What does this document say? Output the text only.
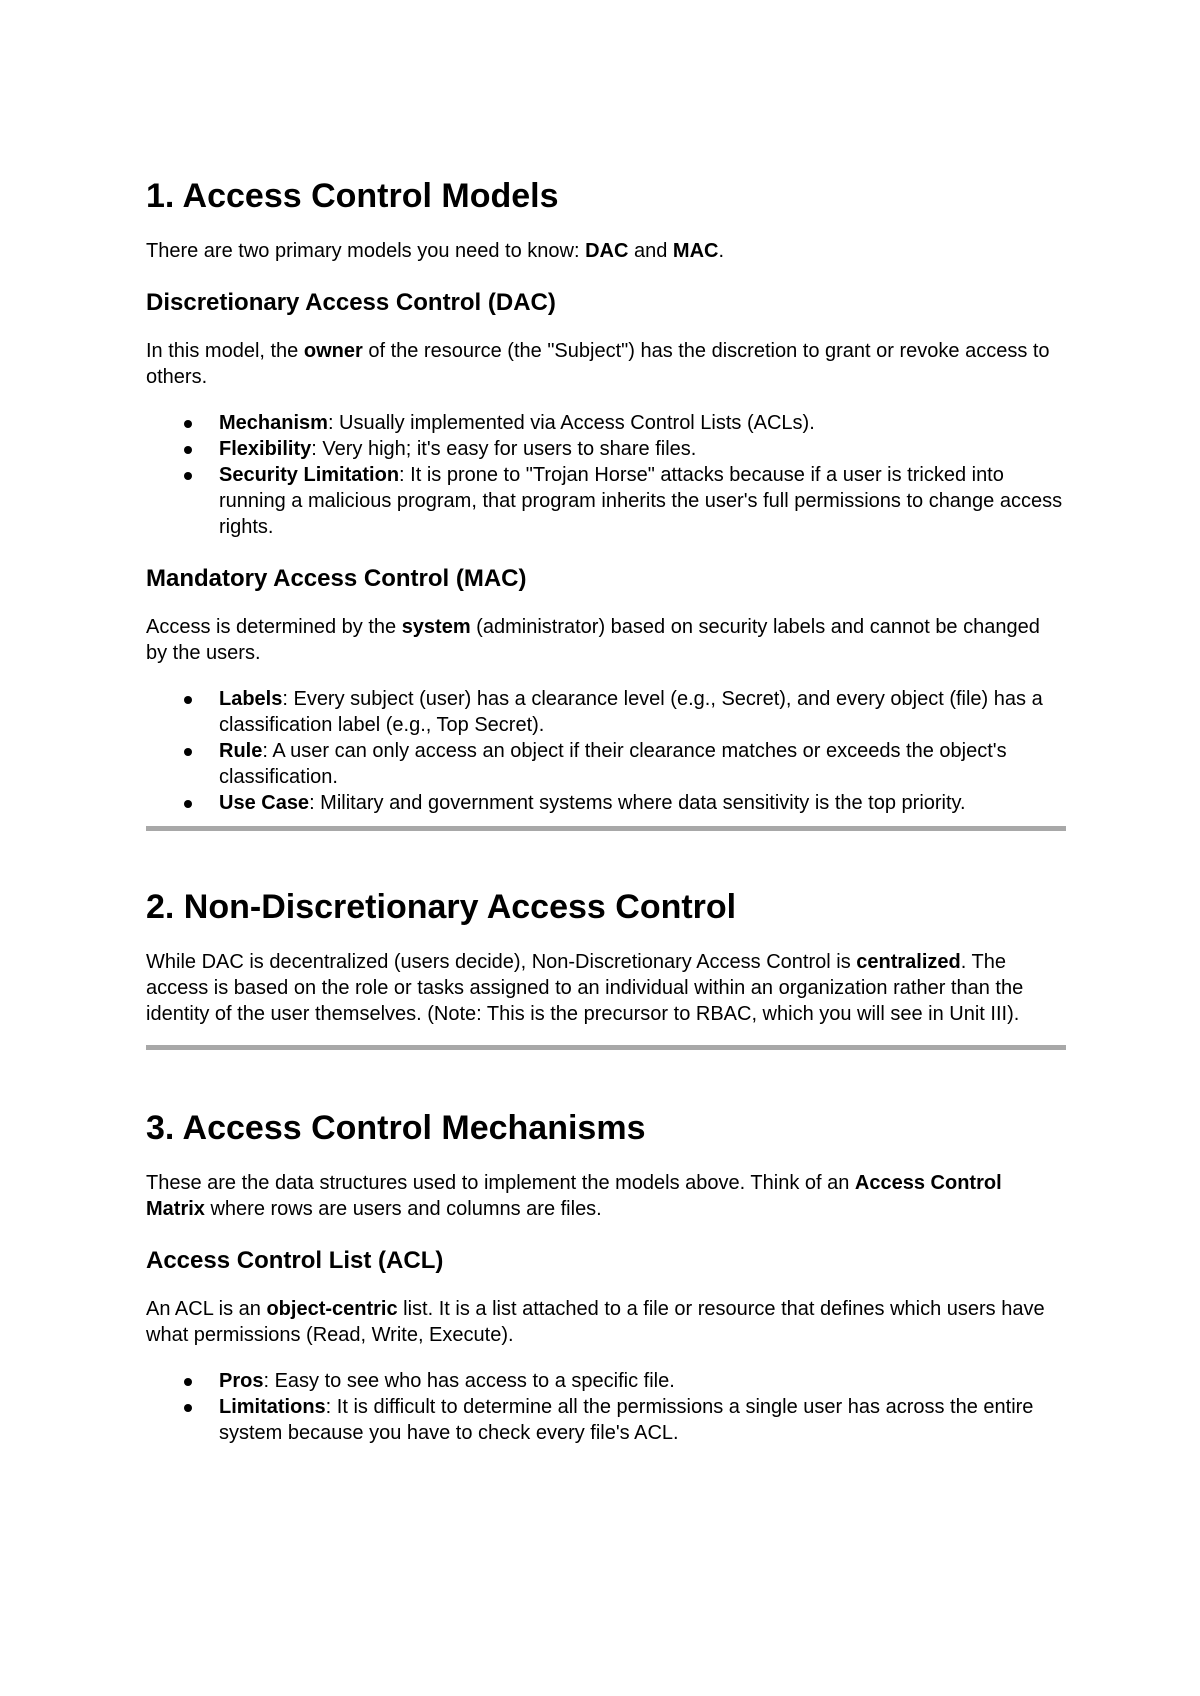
1. Access Control Models

There are two primary models you need to know: DAC and MAC.

Discretionary Access Control (DAC)

In this model, the owner of the resource (the "Subject") has the discretion to grant or revoke access to others.

Mechanism: Usually implemented via Access Control Lists (ACLs).
Flexibility: Very high; it's easy for users to share files.
Security Limitation: It is prone to "Trojan Horse" attacks because if a user is tricked into running a malicious program, that program inherits the user's full permissions to change access rights.
Mandatory Access Control (MAC)

Access is determined by the system (administrator) based on security labels and cannot be changed by the users.

Labels: Every subject (user) has a clearance level (e.g., Secret), and every object (file) has a classification label (e.g., Top Secret).
Rule: A user can only access an object if their clearance matches or exceeds the object's classification.
Use Case: Military and government systems where data sensitivity is the top priority.
2. Non-Discretionary Access Control

While DAC is decentralized (users decide), Non-Discretionary Access Control is centralized. The access is based on the role or tasks assigned to an individual within an organization rather than the identity of the user themselves. (Note: This is the precursor to RBAC, which you will see in Unit III).

3. Access Control Mechanisms

These are the data structures used to implement the models above. Think of an Access Control Matrix where rows are users and columns are files.

Access Control List (ACL)

An ACL is an object-centric list. It is a list attached to a file or resource that defines which users have what permissions (Read, Write, Execute).

Pros: Easy to see who has access to a specific file.
Limitations: It is difficult to determine all the permissions a single user has across the entire system because you have to check every file's ACL.
